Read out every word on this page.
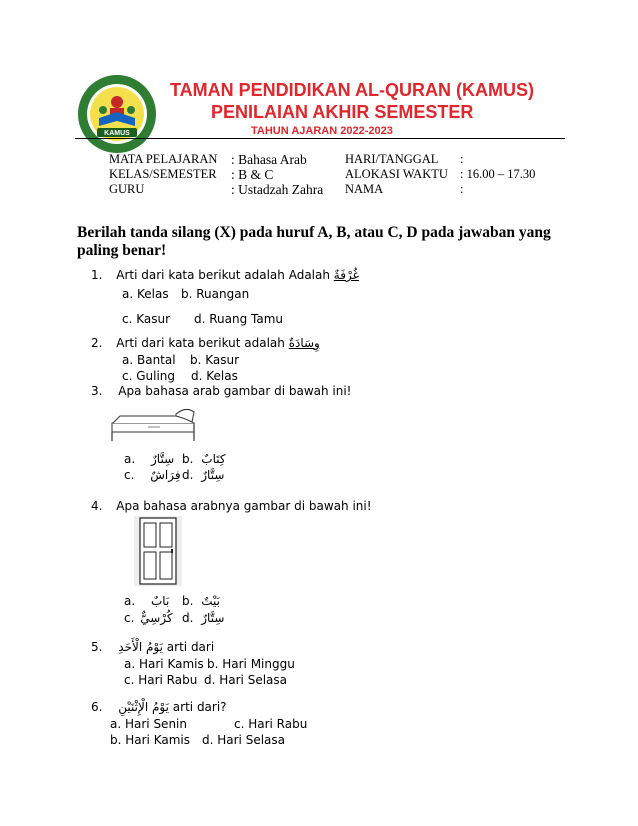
KAMUS
TAMAN PENDIDIKAN AL-QURAN (KAMUS)
PENILAIAN AKHIR SEMESTER
TAHUN AJARAN 2022-2023
MATA PELAJARAN	: Bahasa Arab
KELAS/SEMESTER	: B & C
GURU	: Ustadzah Zahra
HARI/TANGGAL	:
ALOKASI WAKTU	: 16.00 – 17.30
NAMA	:
Berilah tanda silang (X) pada huruf A, B, atau C, D pada jawaban yang
paling benar!
1. Arti dari kata berikut adalah Adalah غُرْفَةٌ
a. Kelas b. Ruangan
c. Kasur d. Ruang Tamu
2. Arti dari kata berikut adalah وِسَادَةٌ
a. Bantal b. Kasur
c. Guling d. Kelas
3. Apa bahasa arab gambar di bawah ini!
a. سِتَّارٌ b. كِتَابٌ
c. فِرَاشٌ d. سِتَّارٌ
4. Apa bahasa arabnya gambar di bawah ini!
a. بَابٌ b. بَيْتٌ
c. كُرْسِيٌّ d. سِتَّارٌ
5. يَوْمُ الْأَحَدِ arti dari
a. Hari Kamis b. Hari Minggu
c. Hari Rabu d. Hari Selasa
6. يَوْمُ الْإِثْنَيْنِ arti dari?
a. Hari Senin	c. Hari Rabu
b. Hari Kamis d. Hari Selasa
